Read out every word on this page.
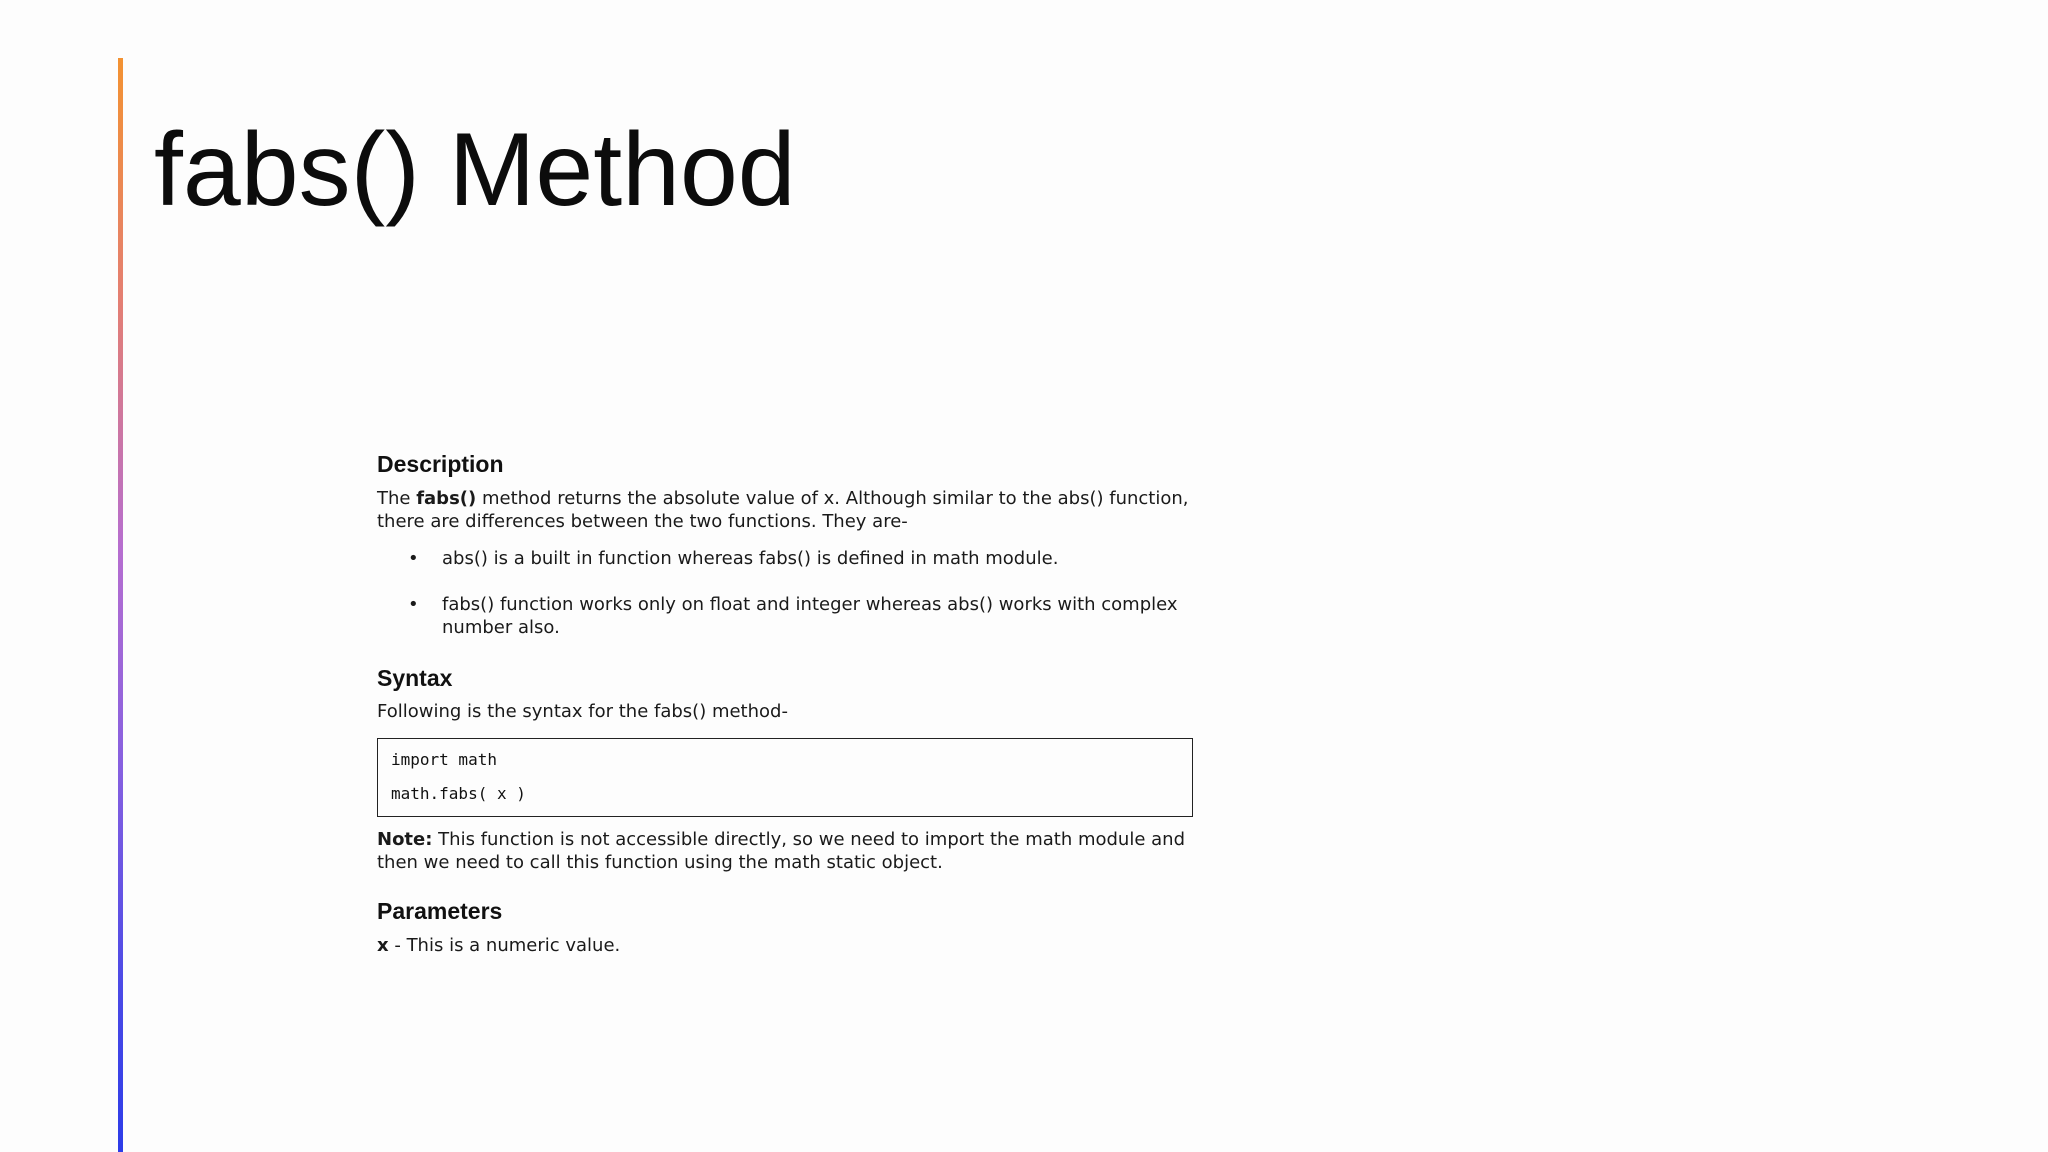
fabs() Method
Description
The fabs() method returns the absolute value of x. Although similar to the abs() function,
there are differences between the two functions. They are-
• abs() is a built in function whereas fabs() is defined in math module.
• fabs() function works only on float and integer whereas abs() works with complex
number also.
Syntax
Following is the syntax for the fabs() method-
import math
math.fabs( x )
Note: This function is not accessible directly, so we need to import the math module and
then we need to call this function using the math static object.
Parameters
x - This is a numeric value.
